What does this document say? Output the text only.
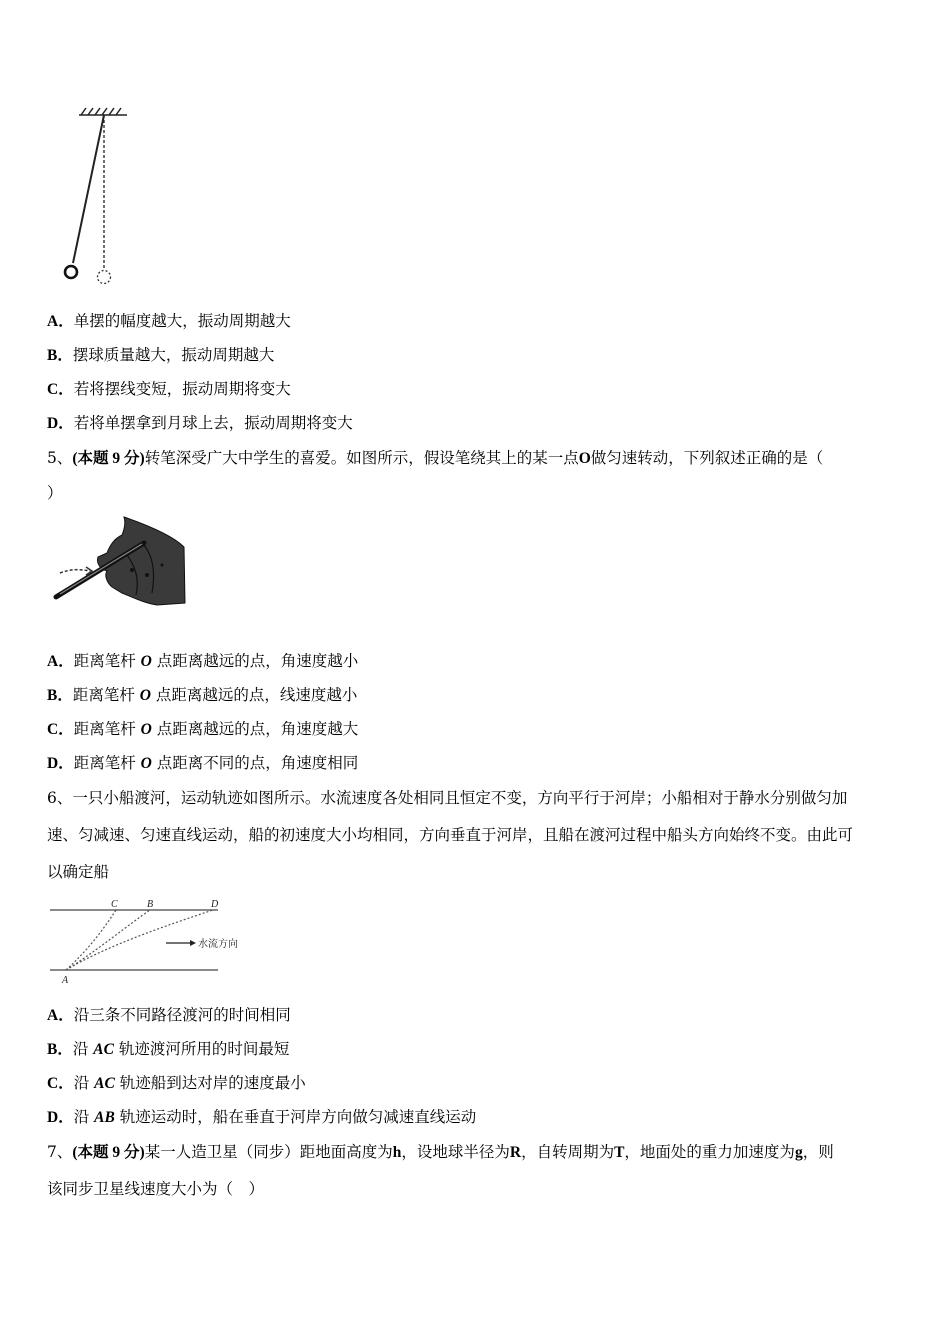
A．单摆的幅度越大，振动周期越大
B．摆球质量越大，振动周期越大
C．若将摆线变短，振动周期将变大
D．若将单摆拿到月球上去，振动周期将变大
5、(本题 9 分)转笔深受广大中学生的喜爱。如图所示，假设笔绕其上的某一点O做匀速转动，下列叙述正确的是（
）
A．距离笔杆 O 点距离越远的点，角速度越小
B．距离笔杆 O 点距离越远的点，线速度越小
C．距离笔杆 O 点距离越远的点，角速度越大
D．距离笔杆 O 点距离不同的点，角速度相同
6、一只小船渡河，运动轨迹如图所示。水流速度各处相同且恒定不变，方向平行于河岸；小船相对于静水分别做匀加
速、匀减速、匀速直线运动，船的初速度大小均相同，方向垂直于河岸，且船在渡河过程中船头方向始终不变。由此可
以确定船
C	B	D
A
水流方向
A．沿三条不同路径渡河的时间相同
B．沿 AC 轨迹渡河所用的时间最短
C．沿 AC 轨迹船到达对岸的速度最小
D．沿 AB 轨迹运动时，船在垂直于河岸方向做匀减速直线运动
7、(本题 9 分)某一人造卫星（同步）距地面高度为h，设地球半径为R，自转周期为T，地面处的重力加速度为g，则
该同步卫星线速度大小为（　）
